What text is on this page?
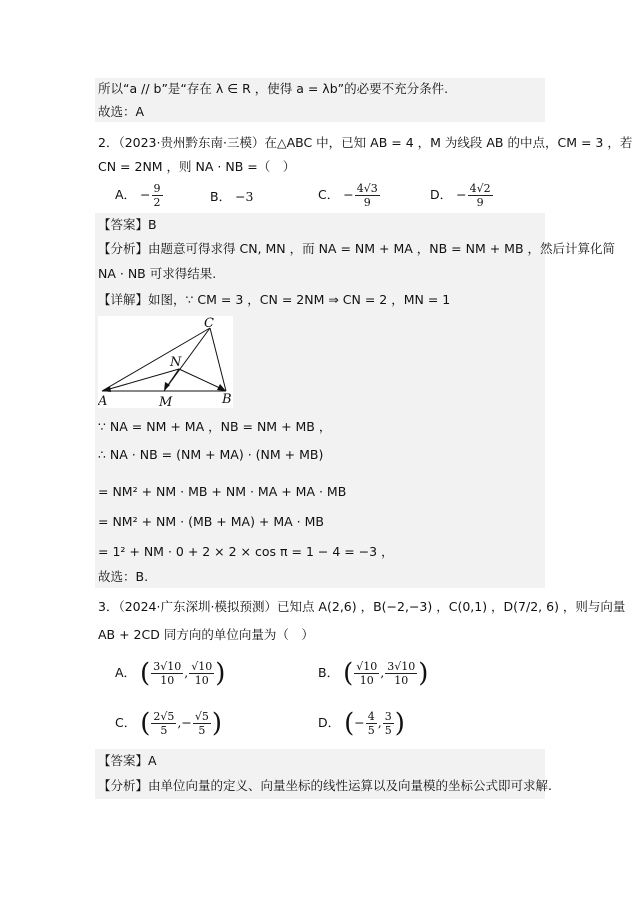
所以“a // b”是“存在 λ ∈ R ，使得 a = λb”的必要不充分条件.
故选：A
2．（2023·贵州黔东南·三模）在△ABC 中，已知 AB = 4 ，M 为线段 AB 的中点，CM = 3 ，若
CN = 2NM ，则 NA · NB =（　）
A． − $\frac{9}{2}$	B． −3	C． − $\frac{4√3}{9}$	D． − $\frac{4√2}{9}$
【答案】B
【分析】由题意可得求得 CN, MN ，而 NA = NM + MA ，NB = NM + MB ，然后计算化简
NA · NB 可求得结果.
【详解】如图，∵ CM = 3 ，CN = 2NM ⇒ CN = 2 ，MN = 1
C
N
A	M	B
∵ NA = NM + MA ，NB = NM + MB ，
∴ NA · NB = (NM + MA) · (NM + MB)
= NM² + NM · MB + NM · MA + MA · MB
= NM² + NM · (MB + MA) + MA · MB
= 1² + NM · 0 + 2 × 2 × cos π = 1 − 4 = −3 ，
故选：B.
3．（2024·广东深圳·模拟预测）已知点 A(2,6) ，B(−2,−3) ，C(0,1) ，D(7/2, 6) ，则与向量
AB + 2CD 同方向的单位向量为（　）
A． ( $\frac{3√10}{10}$ , $\frac{√10}{10}$ )	B． ( $\frac{√10}{10}$ , $\frac{3√10}{10}$ )
C． ( $\frac{2√5}{5}$ ,− $\frac{√5}{5}$ )	D． (− $\frac{4}{5}$ , $\frac{3}{5}$ )
【答案】A
【分析】由单位向量的定义、向量坐标的线性运算以及向量模的坐标公式即可求解.
